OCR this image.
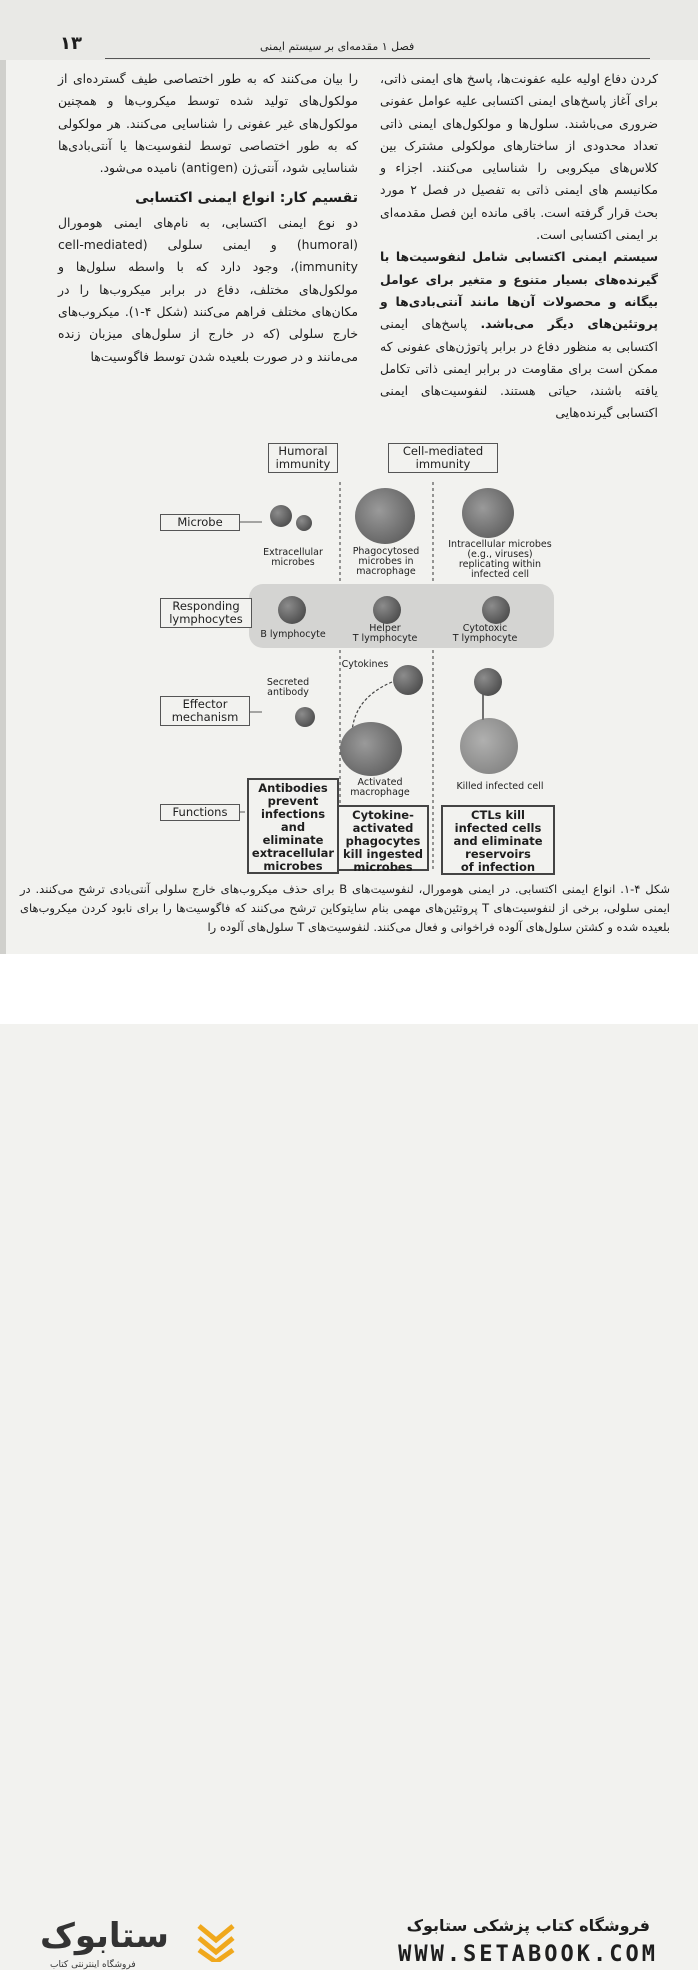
۱۳	فصل ۱ مقدمه‌ای بر سیستم ایمنی

کردن دفاع اولیه علیه عفونت‌ها، پاسخ های ایمنی ذاتی، برای آغاز پاسخ‌های ایمنی اکتسابی علیه عوامل عفونی ضروری می‌باشند. سلول‌ها و مولکول‌های ایمنی ذاتی تعداد محدودی از ساختارهای مولکولی مشترک بین کلاس‌های میکروبی را شناسایی می‌کنند. اجزاء و مکانیسم های ایمنی ذاتی به تفصیل در فصل ۲ مورد بحث قرار گرفته است. باقی مانده این فصل مقدمه‌ای بر ایمنی اکتسابی است.

سیستم ایمنی اکتسابی شامل لنفوسیت‌ها با گیرنده‌های بسیار متنوع و متغیر برای عوامل بیگانه و محصولات آن‌ها مانند آنتی‌بادی‌ها و پروتئین‌های دیگر می‌باشد. پاسخ‌های ایمنی اکتسابی به منظور دفاع در برابر پاتوژن‌های عفونی که ممکن است برای مقاومت در برابر ایمنی ذاتی تکامل یافته باشند، حیاتی هستند. لنفوسیت‌های ایمنی اکتسابی گیرنده‌هایی

را بیان می‌کنند که به طور اختصاصی طیف گسترده‌ای از مولکول‌های تولید شده توسط میکروب‌ها و همچنین مولکول‌های غیر عفونی را شناسایی می‌کنند. هر مولکولی که به طور اختصاصی توسط لنفوسیت‌ها یا آنتی‌بادی‌ها شناسایی شود، آنتی‌ژن (antigen) نامیده می‌شود.

تقسیم کار: انواع ایمنی اکتسابی

دو نوع ایمنی اکتسابی، به نام‌های ایمنی هومورال (humoral) و ایمنی سلولی (cell-mediated immunity)، وجود دارد که با واسطه سلول‌ها و مولکول‌های مختلف، دفاع در برابر میکروب‌ها را در مکان‌های مختلف فراهم می‌کنند (شکل ۴-۱). میکروب‌های خارج سلولی (که در خارج از سلول‌های میزبان زنده می‌مانند و در صورت بلعیده شدن توسط فاگوسیت‌ها

Humoral
immunity
Cell-mediated
immunity
Microbe
Responding
lymphocytes
Effector
mechanism
Functions
Extracellular
microbes
Phagocytosed
microbes in
macrophage
Intracellular microbes
(e.g., viruses)
replicating within
infected cell
B lymphocyte
Helper
T lymphocyte
Cytotoxic
T lymphocyte
Secreted
antibody
Cytokines
Activated
macrophage
Killed infected cell
Antibodies
prevent
infections
and
eliminate
extracellular
microbes
Cytokine-
activated
phagocytes
kill ingested
microbes
CTLs kill
infected cells
and eliminate
reservoirs
of infection
شکل ۴-۱. انواع ایمنی اکتسابی. در ایمنی هومورال، لنفوسیت‌های B برای حذف میکروب‌های خارج سلولی آنتی‌بادی ترشح می‌کنند. در ایمنی سلولی، برخی از لنفوسیت‌های T پروتئین‌های مهمی بنام سایتوکاین ترشح می‌کنند که فاگوسیت‌ها را برای نابود کردن میکروب‌های بلعیده شده و کشتن سلول‌های آلوده فراخوانی و فعال می‌کنند. لنفوسیت‌های T سلول‌های آلوده را
ستابوک
فروشگاه اینترنتی کتاب
فروشگاه کتاب پزشکی ستابوک
WWW.SETABOOK.COM
